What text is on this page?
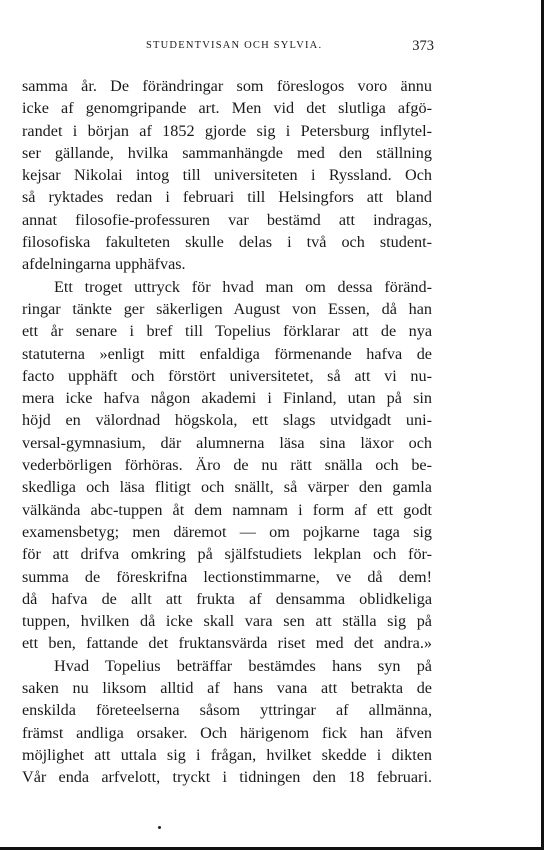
STUDENTVISAN OCH SYLVIA.	373
samma år. De förändringar som föreslogos voro ännu
icke af genomgripande art. Men vid det slutliga afgö-
randet i början af 1852 gjorde sig i Petersburg inflytel-
ser gällande, hvilka sammanhängde med den ställning
kejsar Nikolai intog till universiteten i Ryssland. Och
så ryktades redan i februari till Helsingfors att bland
annat filosofie-professuren var bestämd att indragas,
filosofiska fakulteten skulle delas i två och student-
afdelningarna upphäfvas.
Ett troget uttryck för hvad man om dessa föränd-
ringar tänkte ger säkerligen August von Essen, då han
ett år senare i bref till Topelius förklarar att de nya
statuterna »enligt mitt enfaldiga förmenande hafva de
facto upphäft och förstört universitetet, så att vi nu-
mera icke hafva någon akademi i Finland, utan på sin
höjd en välordnad högskola, ett slags utvidgadt uni-
versal-gymnasium, där alumnerna läsa sina läxor och
vederbörligen förhöras. Äro de nu rätt snälla och be-
skedliga och läsa flitigt och snällt, så värper den gamla
välkända abc-tuppen åt dem namnam i form af ett godt
examensbetyg; men däremot — om pojkarne taga sig
för att drifva omkring på själfstudiets lekplan och för-
summa de föreskrifna lectionstimmarne, ve då dem!
då hafva de allt att frukta af densamma oblidkeliga
tuppen, hvilken då icke skall vara sen att ställa sig på
ett ben, fattande det fruktansvärda riset med det andra.»
Hvad Topelius beträffar bestämdes hans syn på
saken nu liksom alltid af hans vana att betrakta de
enskilda företeelserna såsom yttringar af allmänna,
främst andliga orsaker. Och härigenom fick han äfven
möjlighet att uttala sig i frågan, hvilket skedde i dikten
Vår enda arfvelott, tryckt i tidningen den 18 februari.
